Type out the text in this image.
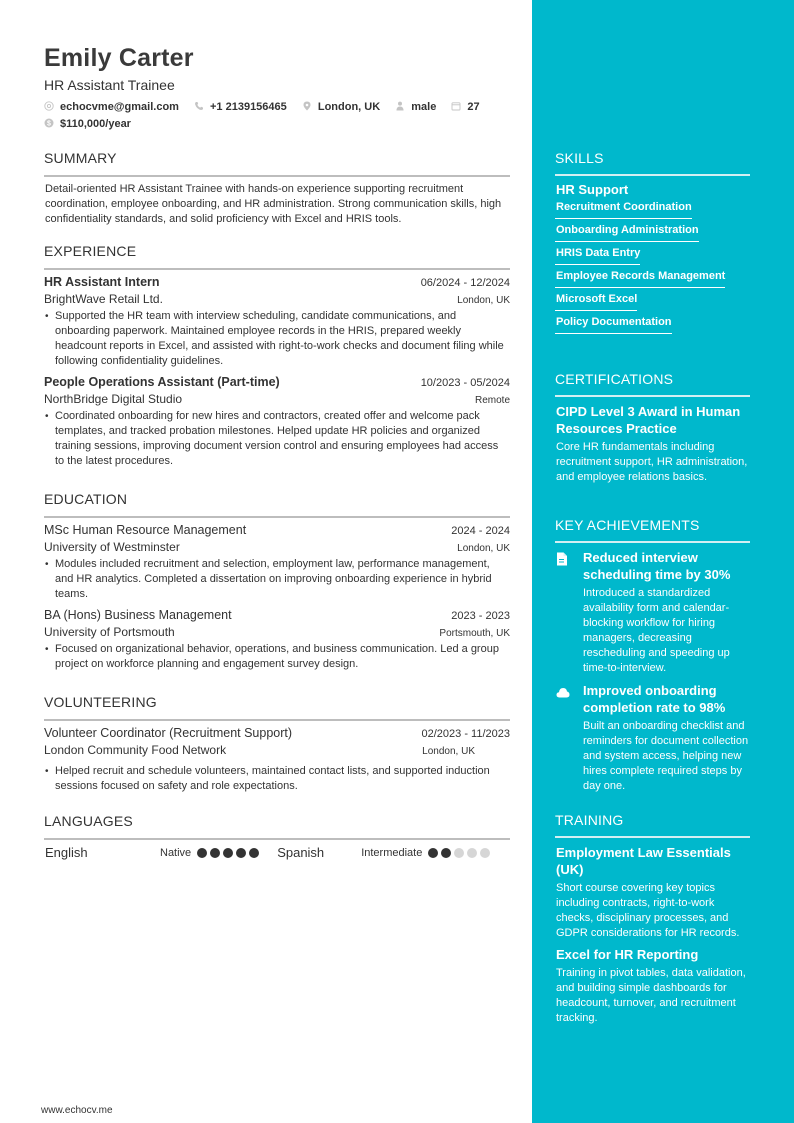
Emily Carter
HR Assistant Trainee
echocvme@gmail.com	+1 2139156465	London, UK	male	27

$ $110,000/year
SUMMARY
Detail-oriented HR Assistant Trainee with hands-on experience supporting recruitment coordination, employee onboarding, and HR administration. Strong communication skills, high confidentiality standards, and solid proficiency with Excel and HRIS tools.
EXPERIENCE
HR Assistant Intern	06/2024 - 12/2024
BrightWave Retail Ltd.	London, UK
• Supported the HR team with interview scheduling, candidate communications, and onboarding paperwork. Maintained employee records in the HRIS, prepared weekly headcount reports in Excel, and assisted with right-to-work checks and document filing while following confidentiality guidelines.
People Operations Assistant (Part-time)	10/2023 - 05/2024
NorthBridge Digital Studio	Remote
• Coordinated onboarding for new hires and contractors, created offer and welcome pack templates, and tracked probation milestones. Helped update HR policies and organized training sessions, improving document version control and ensuring employees had access to the latest procedures.
EDUCATION
MSc Human Resource Management	2024 - 2024
University of Westminster	London, UK
• Modules included recruitment and selection, employment law, performance management, and HR analytics. Completed a dissertation on improving onboarding experience in hybrid teams.
BA (Hons) Business Management	2023 - 2023
University of Portsmouth	Portsmouth, UK
• Focused on organizational behavior, operations, and business communication. Led a group project on workforce planning and engagement survey design.
VOLUNTEERING
Volunteer Coordinator (Recruitment Support)	02/2023 - 11/2023
London Community Food Network	London, UK
• Helped recruit and schedule volunteers, maintained contact lists, and supported induction sessions focused on safety and role expectations.
LANGUAGES
English	Native	Spanish	Intermediate
www.echocv.me
SKILLS
HR Support
Recruitment Coordination
Onboarding Administration
HRIS Data Entry
Employee Records Management
Microsoft Excel
Policy Documentation
CERTIFICATIONS
CIPD Level 3 Award in Human Resources Practice
Core HR fundamentals including recruitment support, HR administration, and employee relations basics.
KEY ACHIEVEMENTS
Reduced interview scheduling time by 30%
Introduced a standardized availability form and calendar-blocking workflow for hiring managers, decreasing rescheduling and speeding up time-to-interview.
Improved onboarding completion rate to 98%
Built an onboarding checklist and reminders for document collection and system access, helping new hires complete required steps by day one.
TRAINING
Employment Law Essentials (UK)
Short course covering key topics including contracts, right-to-work checks, disciplinary processes, and GDPR considerations for HR records.
Excel for HR Reporting
Training in pivot tables, data validation, and building simple dashboards for headcount, turnover, and recruitment tracking.
